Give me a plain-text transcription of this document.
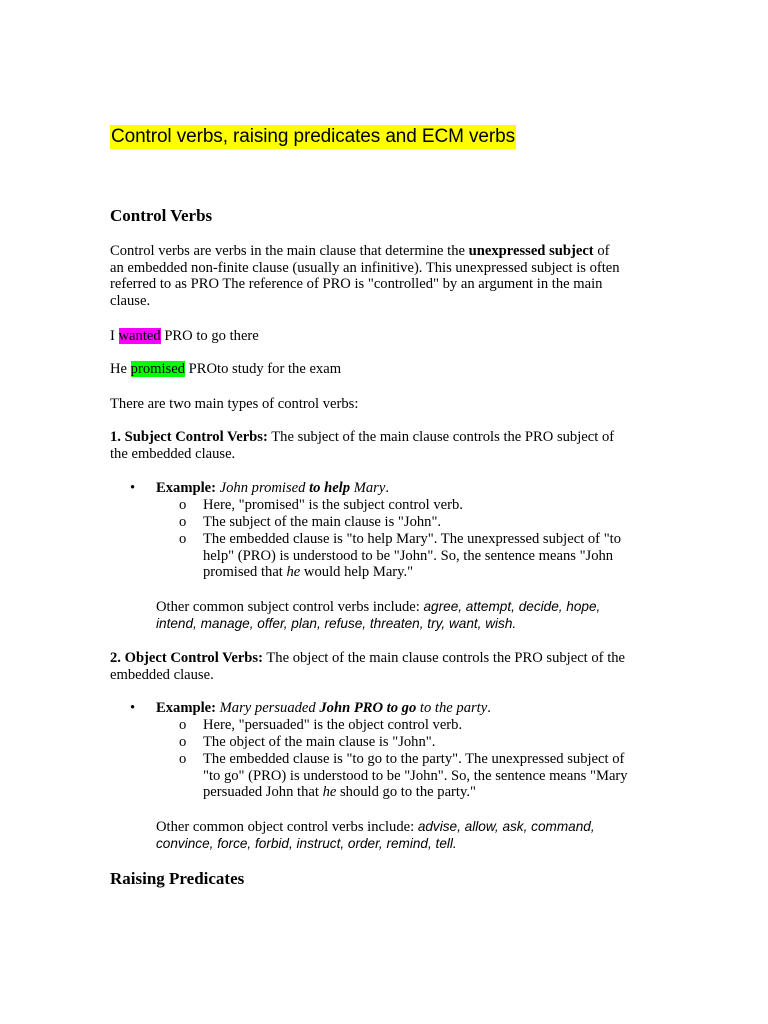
Control verbs, raising predicates and ECM verbs
Control Verbs
Control verbs are verbs in the main clause that determine the unexpressed subject of
an embedded non-finite clause (usually an infinitive). This unexpressed subject is often
referred to as PRO The reference of PRO is "controlled" by an argument in the main
clause.
I wanted PRO to go there
He promised PROto study for the exam
There are two main types of control verbs:
1. Subject Control Verbs: The subject of the main clause controls the PRO subject of
the embedded clause.
• Example: John promised to help Mary.
o Here, "promised" is the subject control verb.
o The subject of the main clause is "John".
o The embedded clause is "to help Mary". The unexpressed subject of "to
help" (PRO) is understood to be "John". So, the sentence means "John
promised that he would help Mary."
Other common subject control verbs include: agree, attempt, decide, hope,
intend, manage, offer, plan, refuse, threaten, try, want, wish.
2. Object Control Verbs: The object of the main clause controls the PRO subject of the
embedded clause.
• Example: Mary persuaded John PRO to go to the party.
o Here, "persuaded" is the object control verb.
o The object of the main clause is "John".
o The embedded clause is "to go to the party". The unexpressed subject of
"to go" (PRO) is understood to be "John". So, the sentence means "Mary
persuaded John that he should go to the party."
Other common object control verbs include: advise, allow, ask, command,
convince, force, forbid, instruct, order, remind, tell.
Raising Predicates
